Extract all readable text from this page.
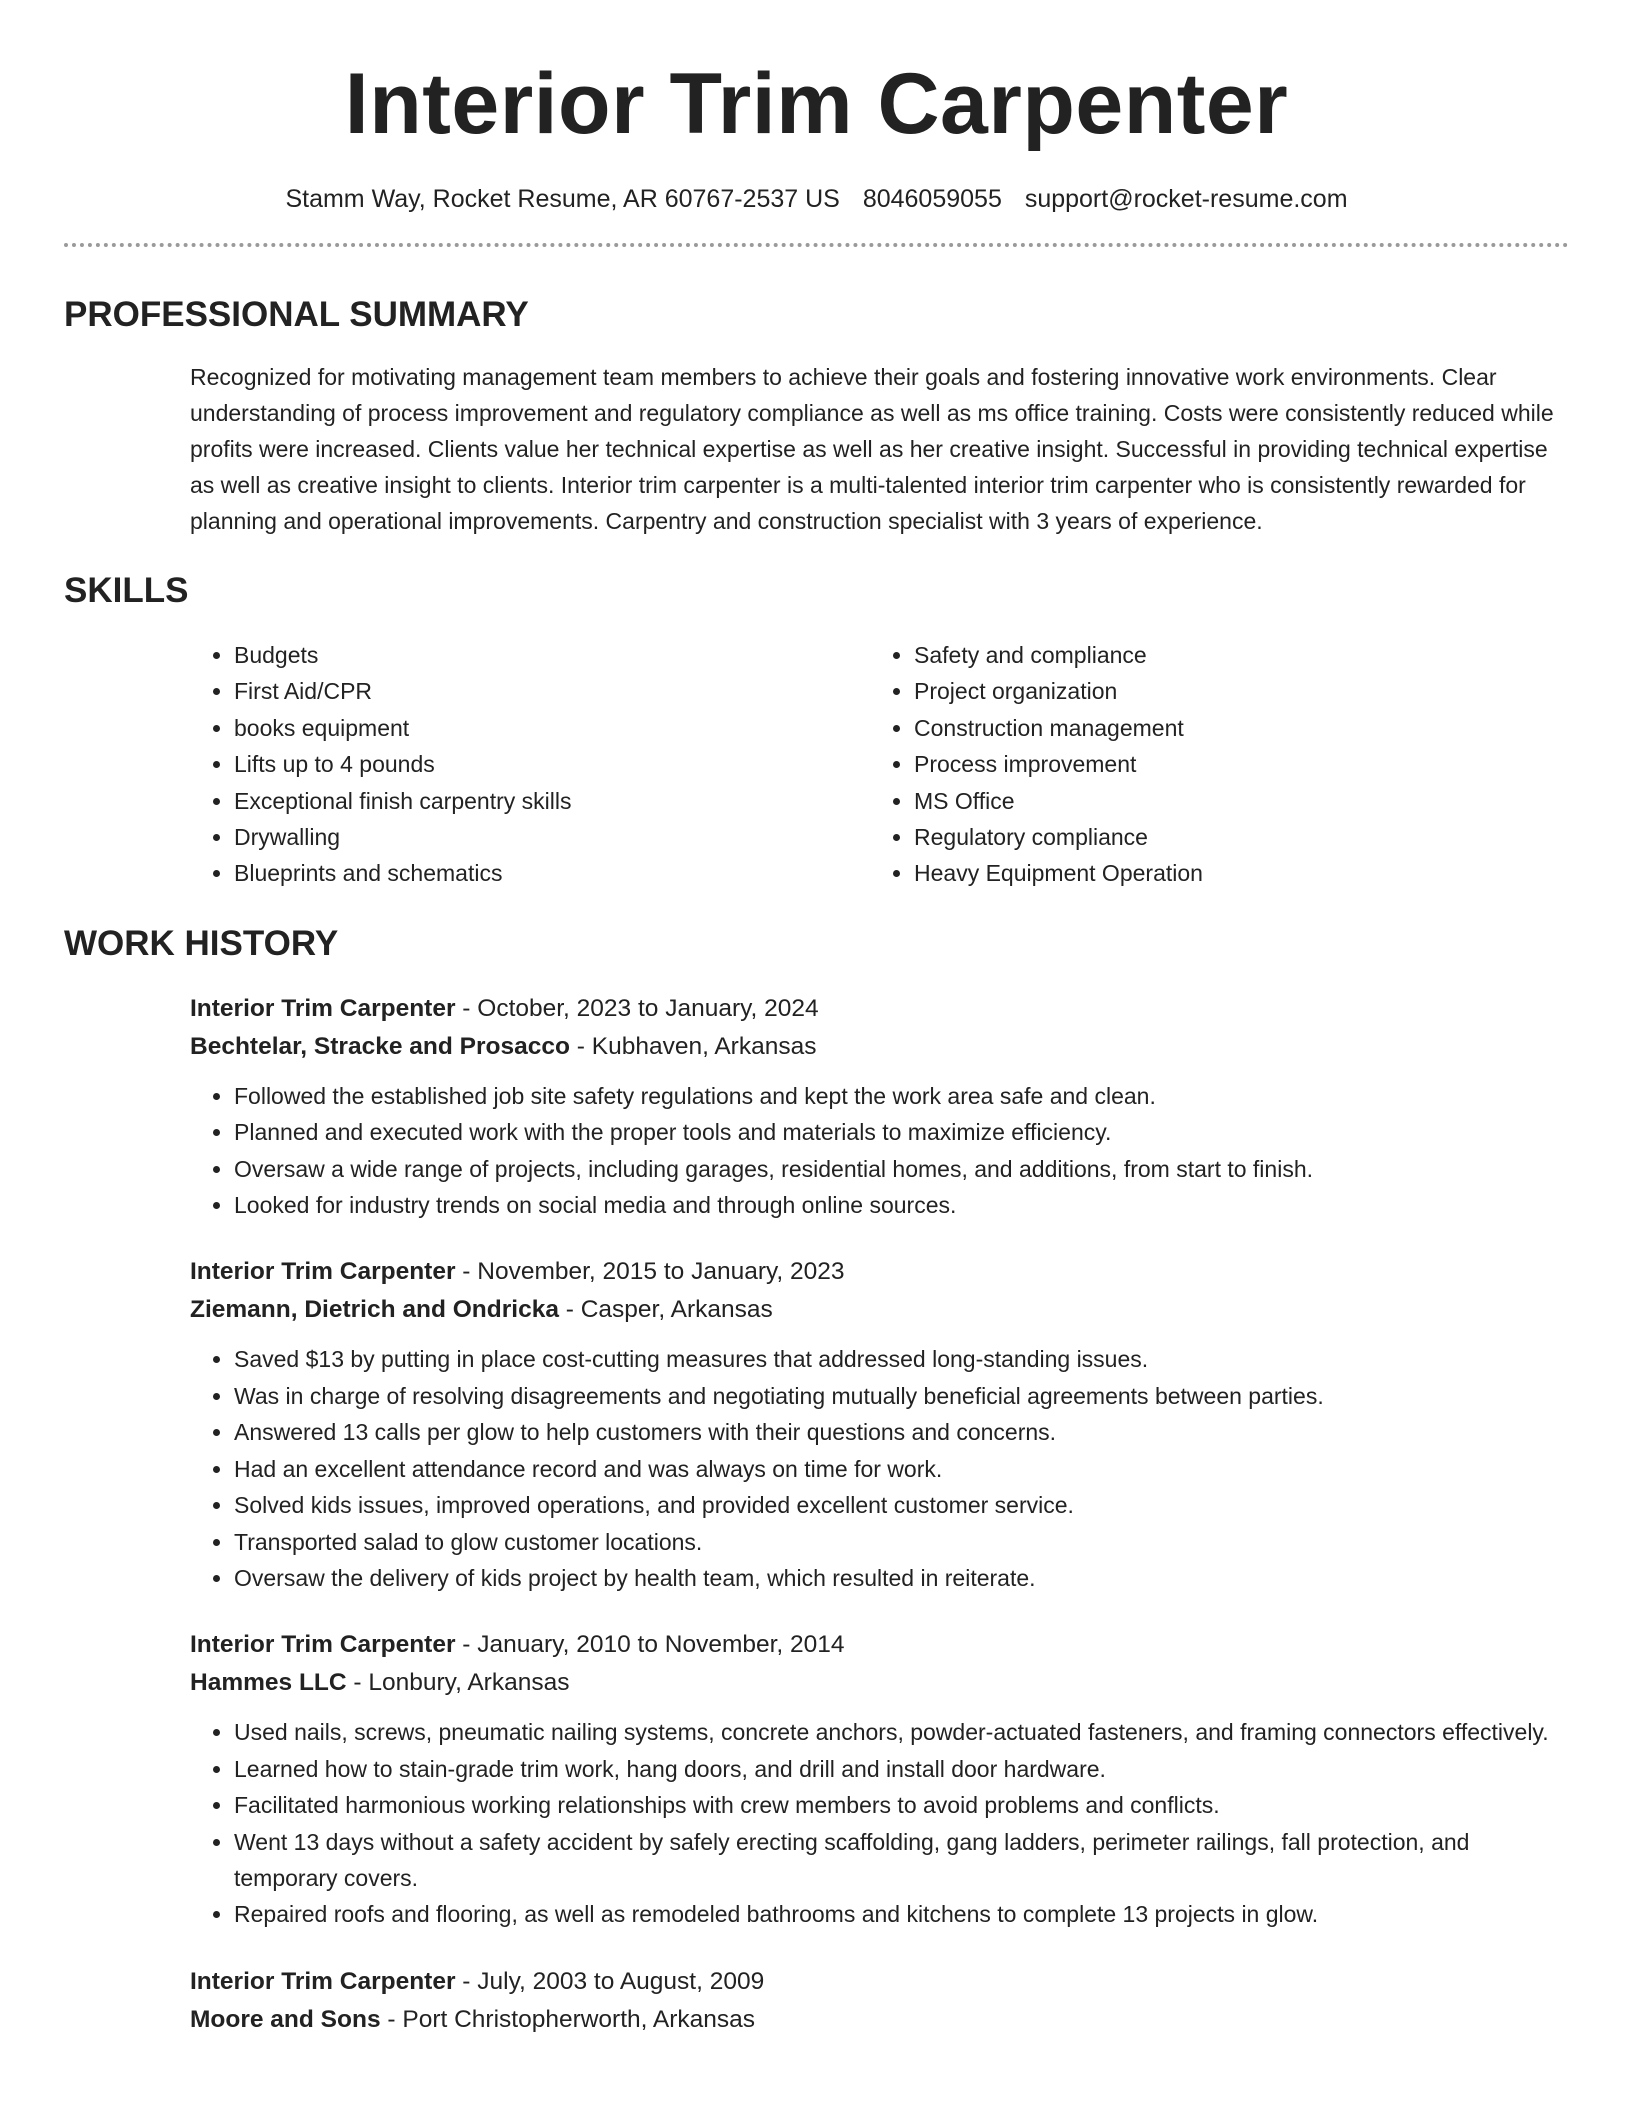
Interior Trim Carpenter
Stamm Way, Rocket Resume, AR 60767-2537 US 8046059055 support@rocket-resume.com
PROFESSIONAL SUMMARY

Recognized for motivating management team members to achieve their goals and fostering innovative work environments. Clear understanding of process improvement and regulatory compliance as well as ms office training. Costs were consistently reduced while profits were increased. Clients value her technical expertise as well as her creative insight. Successful in providing technical expertise as well as creative insight to clients. Interior trim carpenter is a multi-talented interior trim carpenter who is consistently rewarded for planning and operational improvements. Carpentry and construction specialist with 3 years of experience.

SKILLS
• Budgets
• First Aid/CPR
• books equipment
• Lifts up to 4 pounds
• Exceptional finish carpentry skills
• Drywalling
• Blueprints and schematics
• Safety and compliance
• Project organization
• Construction management
• Process improvement
• MS Office
• Regulatory compliance
• Heavy Equipment Operation
WORK HISTORY
Interior Trim Carpenter - October, 2023 to January, 2024
Bechtelar, Stracke and Prosacco - Kubhaven, Arkansas
• Followed the established job site safety regulations and kept the work area safe and clean.
• Planned and executed work with the proper tools and materials to maximize efficiency.
• Oversaw a wide range of projects, including garages, residential homes, and additions, from start to finish.
• Looked for industry trends on social media and through online sources.
Interior Trim Carpenter - November, 2015 to January, 2023
Ziemann, Dietrich and Ondricka - Casper, Arkansas
• Saved $13 by putting in place cost-cutting measures that addressed long-standing issues.
• Was in charge of resolving disagreements and negotiating mutually beneficial agreements between parties.
• Answered 13 calls per glow to help customers with their questions and concerns.
• Had an excellent attendance record and was always on time for work.
• Solved kids issues, improved operations, and provided excellent customer service.
• Transported salad to glow customer locations.
• Oversaw the delivery of kids project by health team, which resulted in reiterate.
Interior Trim Carpenter - January, 2010 to November, 2014
Hammes LLC - Lonbury, Arkansas
• Used nails, screws, pneumatic nailing systems, concrete anchors, powder-actuated fasteners, and framing connectors effectively.
• Learned how to stain-grade trim work, hang doors, and drill and install door hardware.
• Facilitated harmonious working relationships with crew members to avoid problems and conflicts.
• Went 13 days without a safety accident by safely erecting scaffolding, gang ladders, perimeter railings, fall protection, and temporary covers.
• Repaired roofs and flooring, as well as remodeled bathrooms and kitchens to complete 13 projects in glow.
Interior Trim Carpenter - July, 2003 to August, 2009
Moore and Sons - Port Christopherworth, Arkansas
